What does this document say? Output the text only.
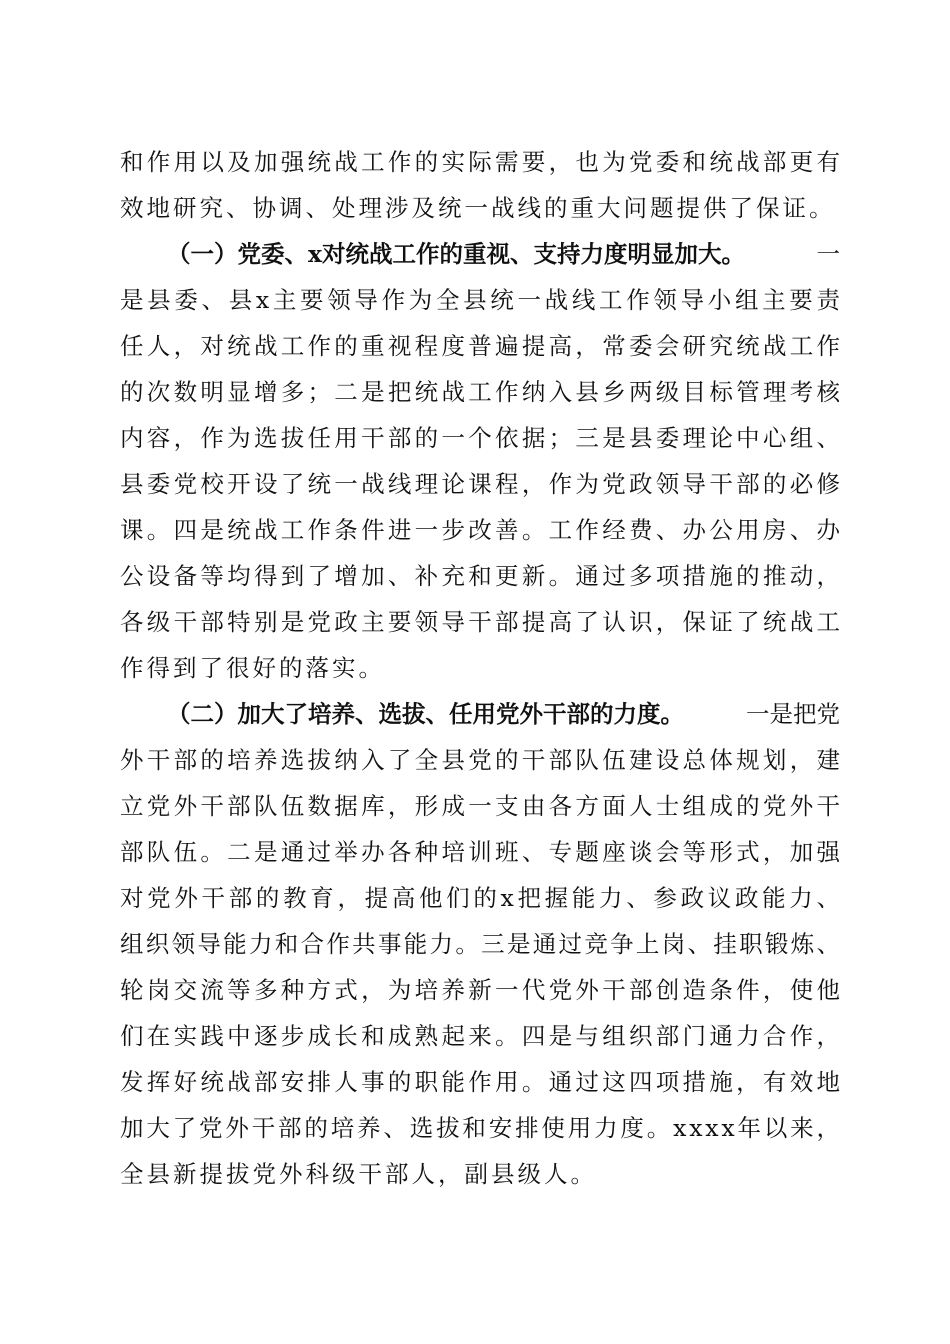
和作用以及加强统战工作的实际需要，也为党委和统战部更有
效地研究、协调、处理涉及统一战线的重大问题提供了保证。
（一）党委、x对统战工作的重视、支持力度明显加大。	一
是县委、县x主要领导作为全县统一战线工作领导小组主要责
任人，对统战工作的重视程度普遍提高，常委会研究统战工作
的次数明显增多；二是把统战工作纳入县乡两级目标管理考核
内容，作为选拔任用干部的一个依据；三是县委理论中心组、
县委党校开设了统一战线理论课程，作为党政领导干部的必修
课。四是统战工作条件进一步改善。工作经费、办公用房、办
公设备等均得到了增加、补充和更新。通过多项措施的推动，
各级干部特别是党政主要领导干部提高了认识，保证了统战工
作得到了很好的落实。
（二）加大了培养、选拔、任用党外干部的力度。	一是把党
外干部的培养选拔纳入了全县党的干部队伍建设总体规划，建
立党外干部队伍数据库，形成一支由各方面人士组成的党外干
部队伍。二是通过举办各种培训班、专题座谈会等形式，加强
对党外干部的教育，提高他们的x把握能力、参政议政能力、
组织领导能力和合作共事能力。三是通过竞争上岗、挂职锻炼、
轮岗交流等多种方式，为培养新一代党外干部创造条件，使他
们在实践中逐步成长和成熟起来。四是与组织部门通力合作，
发挥好统战部安排人事的职能作用。通过这四项措施，有效地
加大了党外干部的培养、选拔和安排使用力度。xxxx年以来，
全县新提拔党外科级干部人，副县级人。
